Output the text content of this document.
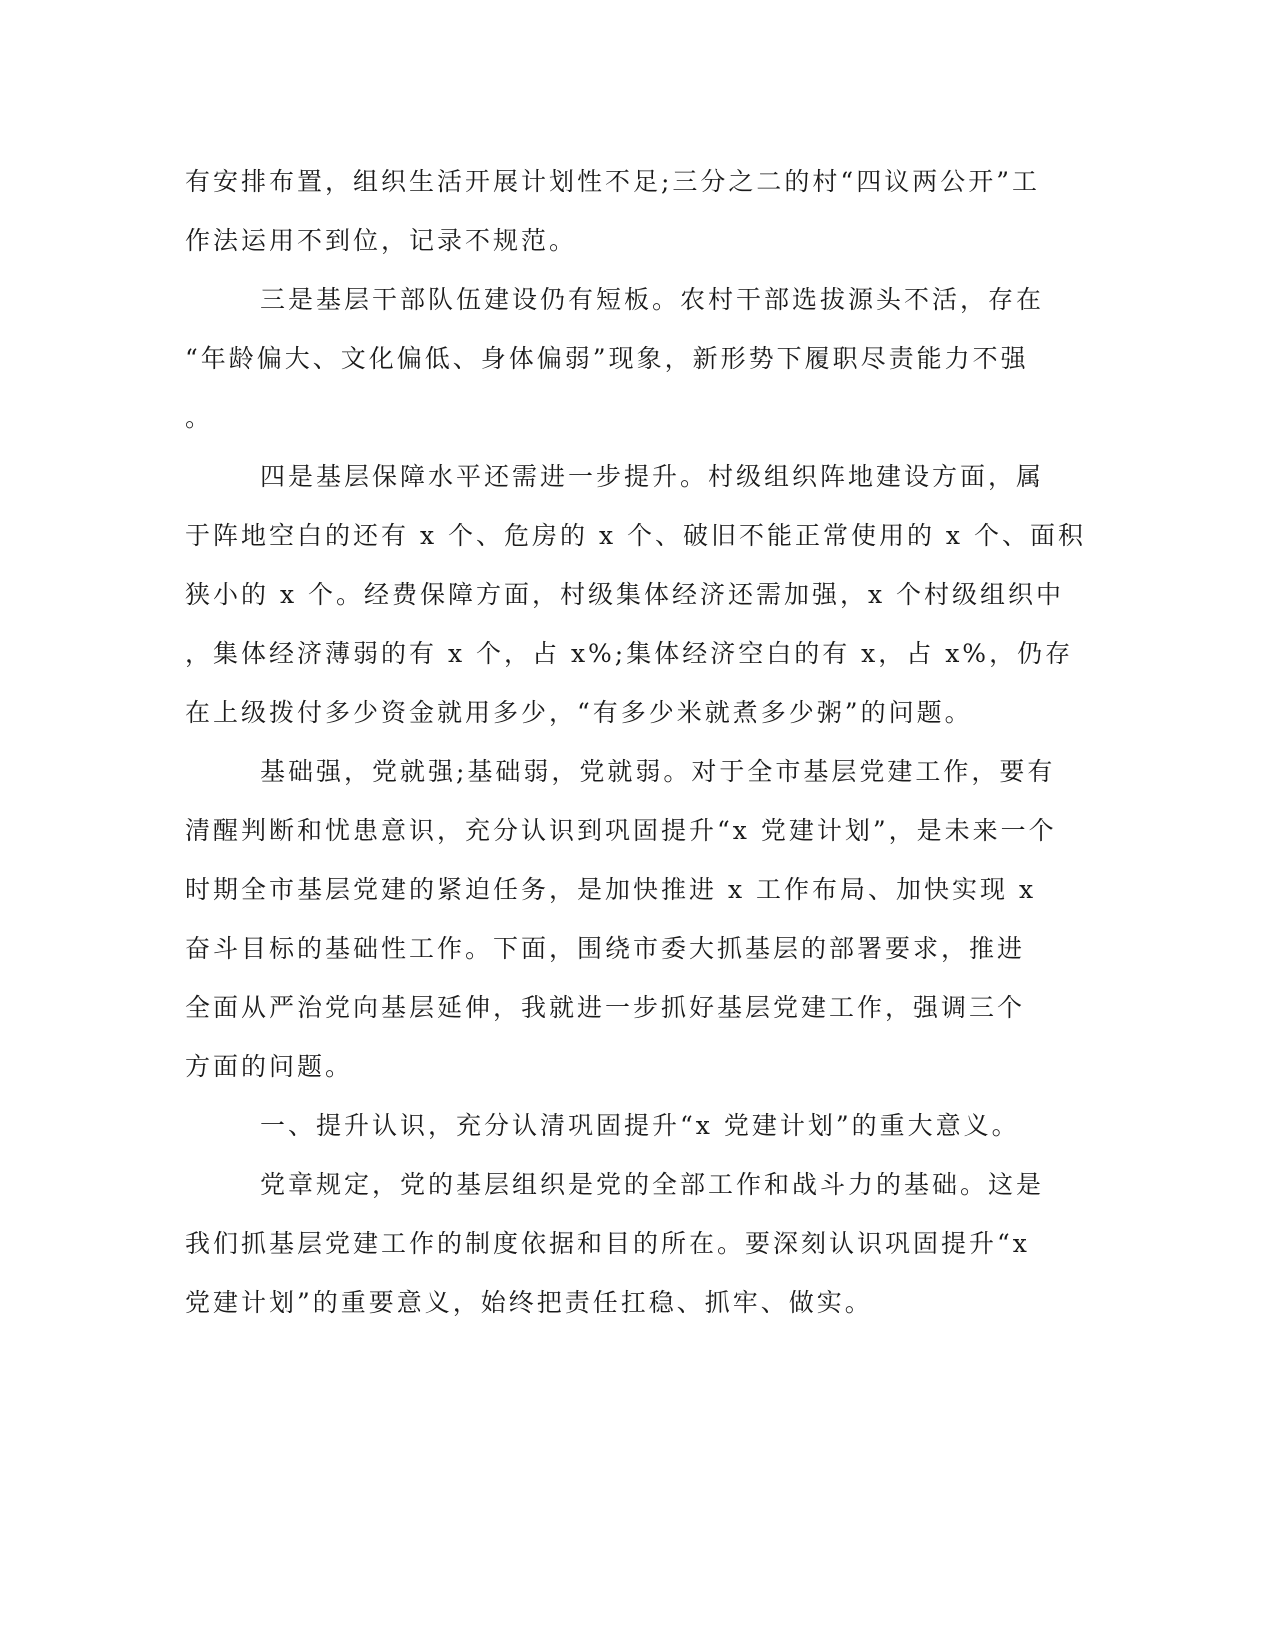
有安排布置，组织生活开展计划性不足;三分之二的村“四议两公开”工
作法运用不到位，记录不规范。
三是基层干部队伍建设仍有短板。农村干部选拔源头不活，存在
“年龄偏大、文化偏低、身体偏弱”现象，新形势下履职尽责能力不强
。
四是基层保障水平还需进一步提升。村级组织阵地建设方面，属
于阵地空白的还有 x 个、危房的 x 个、破旧不能正常使用的 x 个、面积
狭小的 x 个。经费保障方面，村级集体经济还需加强，x 个村级组织中
，集体经济薄弱的有 x 个，占 x%;集体经济空白的有 x，占 x%，仍存
在上级拨付多少资金就用多少，“有多少米就煮多少粥”的问题。
基础强，党就强;基础弱，党就弱。对于全市基层党建工作，要有
清醒判断和忧患意识，充分认识到巩固提升“x 党建计划”，是未来一个
时期全市基层党建的紧迫任务，是加快推进 x 工作布局、加快实现 x
奋斗目标的基础性工作。下面，围绕市委大抓基层的部署要求，推进
全面从严治党向基层延伸，我就进一步抓好基层党建工作，强调三个
方面的问题。
一、提升认识，充分认清巩固提升“x 党建计划”的重大意义。
党章规定，党的基层组织是党的全部工作和战斗力的基础。这是
我们抓基层党建工作的制度依据和目的所在。要深刻认识巩固提升“x
党建计划”的重要意义，始终把责任扛稳、抓牢、做实。
